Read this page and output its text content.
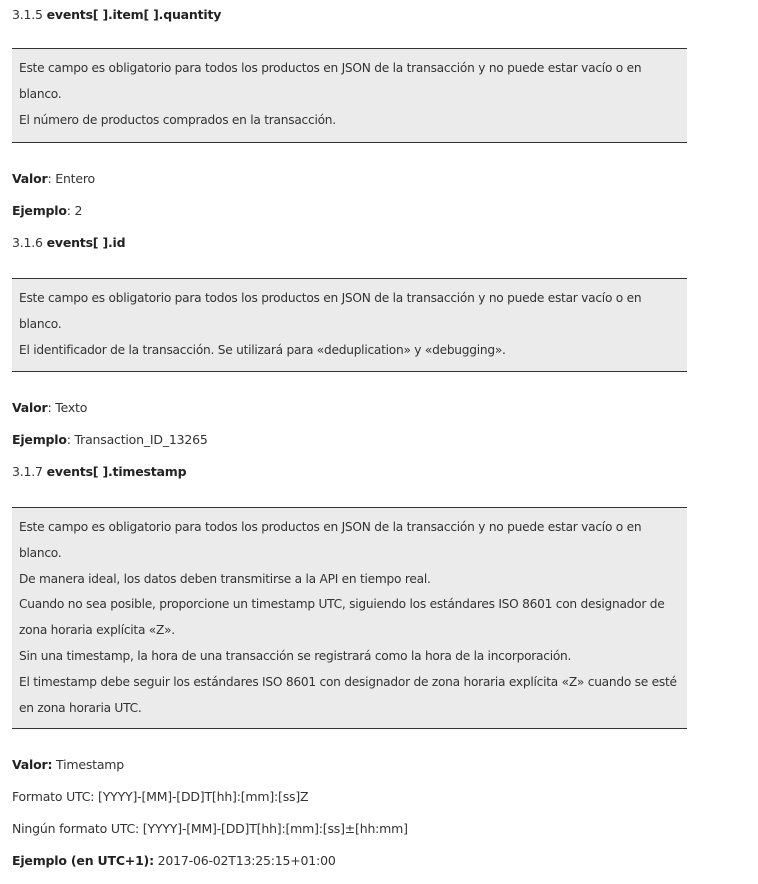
3.1.5 events[ ].item[ ].quantity

Este campo es obligatorio para todos los productos en JSON de la transacción y no puede estar vacío o en

blanco.

El número de productos comprados en la transacción.

Valor: Entero
Ejemplo: 2
3.1.6 events[ ].id

Este campo es obligatorio para todos los productos en JSON de la transacción y no puede estar vacío o en

blanco.

El identificador de la transacción. Se utilizará para «deduplication» y «debugging».

Valor: Texto
Ejemplo: Transaction_ID_13265
3.1.7 events[ ].timestamp

Este campo es obligatorio para todos los productos en JSON de la transacción y no puede estar vacío o en

blanco.

De manera ideal, los datos deben transmitirse a la API en tiempo real.

Cuando no sea posible, proporcione un timestamp UTC, siguiendo los estándares ISO 8601 con designador de

zona horaria explícita «Z».

Sin una timestamp, la hora de una transacción se registrará como la hora de la incorporación.

El timestamp debe seguir los estándares ISO 8601 con designador de zona horaria explícita «Z» cuando se esté

en zona horaria UTC.

Valor: Timestamp
Formato UTC: [YYYY]-[MM]-[DD]T[hh]:[mm]:[ss]Z
Ningún formato UTC: [YYYY]-[MM]-[DD]T[hh]:[mm]:[ss]±[hh:mm]
Ejemplo (en UTC+1): 2017-06-02T13:25:15+01:00
